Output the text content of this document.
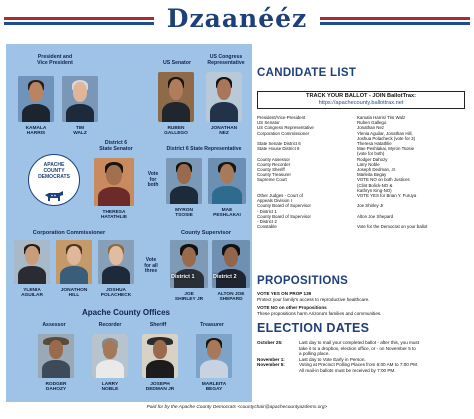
Dzaanééz
President and
Vice President	US Senator
US Congress
Representative
KAMALA
HARRIS
TIM
WALZ
RUBEN
GALLEGO
JONATHAN
NEZ
District 6
State Senator
THERESA
HATATHLIE
District 6 State Representative
Vote
for
both
MYRON
TSOSIE
MAE
PESHLAKAI
APACHE
COUNTY
DEMOCRATS
Corporation Commissioner
YLENIA
AGUILAR
JONATHON
HILL
JOSHUA
POLACHECK
Vote
for all
three
County Supervisor
District 1
JOE
SHIRLEY JR
District 2
ALTON JOE
SHEPARD
Apache County Offices
Assessor	Recorder	Sheriff	Treasurer
RODGER
DAHOZY
LARRY
NOBLE
JOSEPH
DEDMAN JR
MARLEITA
BEGAY
CANDIDATE LIST
TRACK YOUR BALLOT - JOIN BallotTrax:
https://apachecounty.ballottrax.net
President/Vice-President	Kamala Harris/ Tim Walz
US Senator	Ruben Gallego
US Congress Representative	Jonathan Nez
Corporation Commissioner	Ylenia Aguilar, Jonathan Hill,
Joshua Polacheck (vote for 3)
State Senate District 6	Theresa Hatathlie
State House District 6	Mae Peshlakai, Myron Tsosie
(vote for both)
County Assessor	Rodger Dahozy
County Recorder	Larry Noble
County Sheriff	Joseph Dedman, Jr.
County Treasurer	Marleita Begay
Supreme Court	VOTE NO on both Justices
(Clint Bolick-NO &
Kathryn King-NO)
Other Judges - Court of	VOTE YES for Brian Y. Furuya
Appeals Division I
County Board of Supervisor	Joe Shirley Jr
- District 1
County Board of Supervisor	Alton Joe Shepard
- District 2
Constable	Vote for the Democrat on your ballot
PROPOSITIONS
VOTE YES ON PROP 139
Protect your family's access to reproductive healthcare.
VOTE NO on other Propositions
These propositions harm Arizona's families and communities.
ELECTION DATES
October 25:	Last day to mail your completed ballot - after this, you must
take it to a dropbox, election office, or - on November 5 to
a polling place.
November 1:	Last day to Vote Early in Person.
November 5:	Voting at Precinct Polling Places from 6:00 AM to 7:00 PM.
All mail-in ballots must be received by 7:00 PM.
Paid for by the Apache County Democrats <countychair@apachecountyazdems.org>
